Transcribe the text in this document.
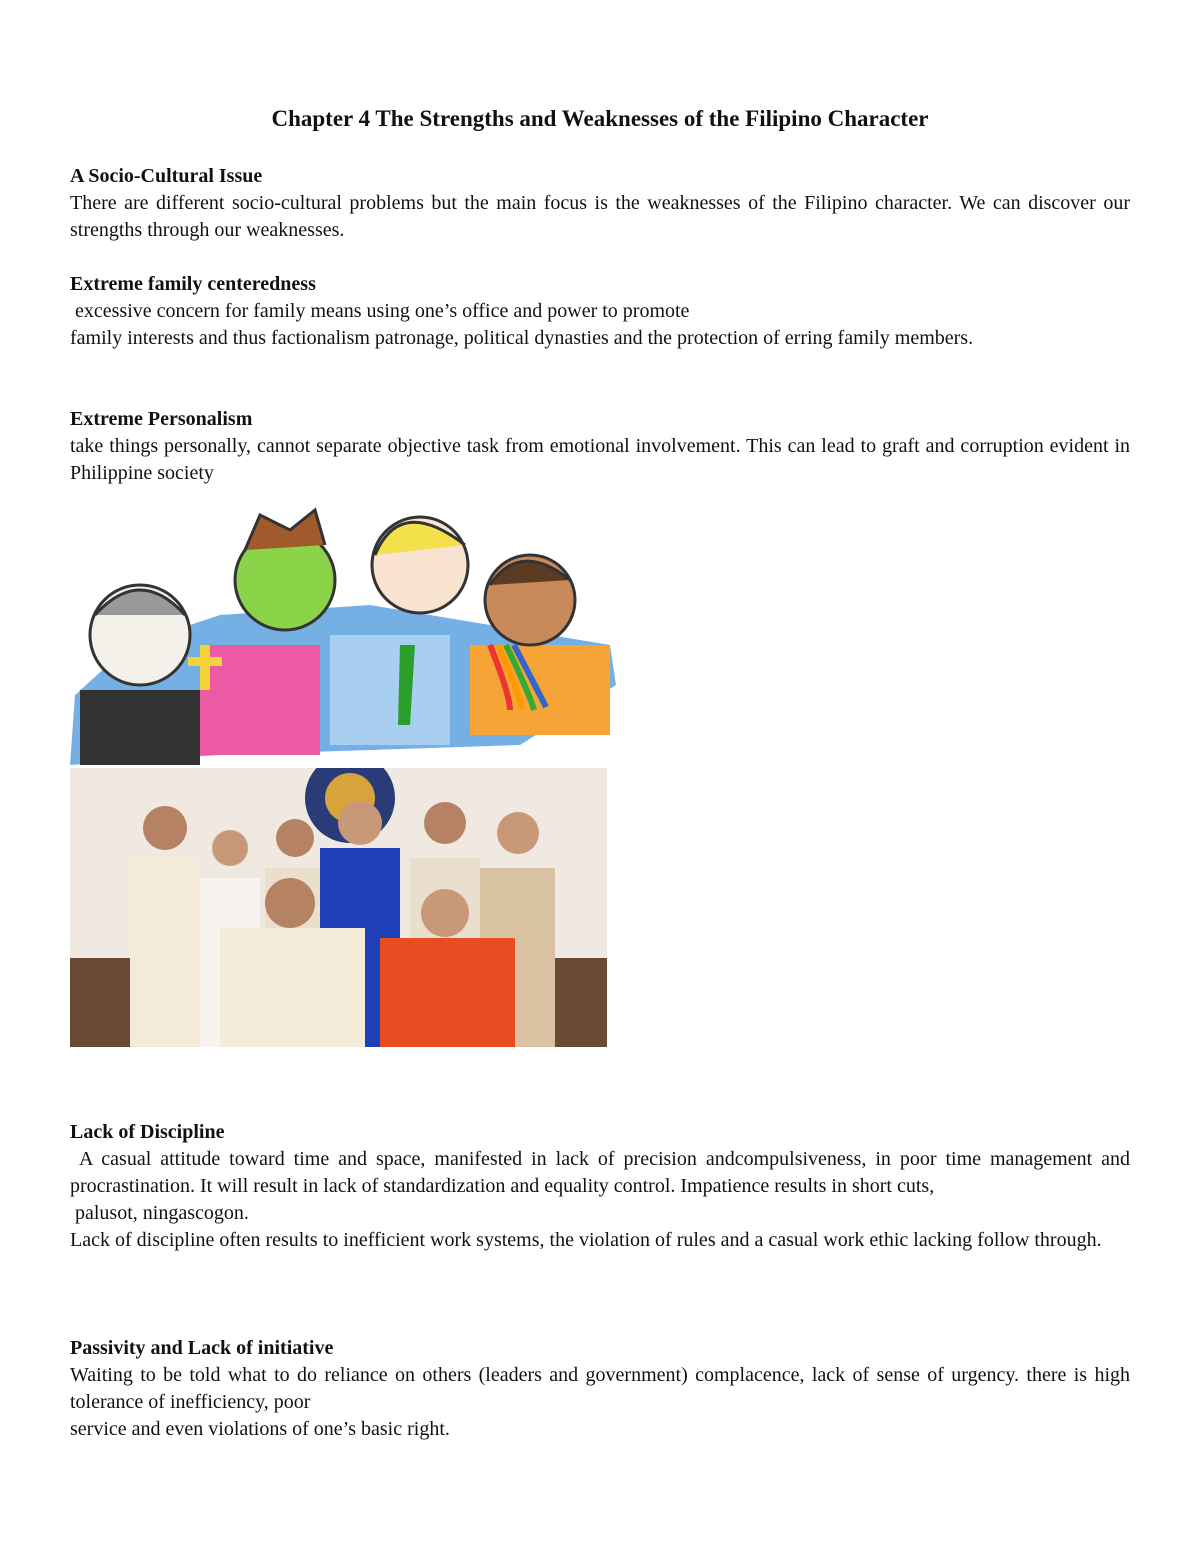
Chapter 4 The Strengths and Weaknesses of the Filipino Character
A Socio-Cultural Issue

There are different socio-cultural problems but the main focus is the weaknesses of the Filipino character. We can discover our strengths through our weaknesses.

Extreme family centeredness

excessive concern for family means using one’s office and power to promote

family interests and thus factionalism patronage, political dynasties and the protection of erring family members.

Extreme Personalism

take things personally, cannot separate objective task from emotional involvement. This can lead to graft and corruption evident in Philippine society

Lack of Discipline

A casual attitude toward time and space, manifested in lack of precision andcompulsiveness, in poor time management and procrastination. It will result in lack of standardization and equality control. Impatience results in short cuts,

palusot, ningascogon.

Lack of discipline often results to inefficient work systems, the violation of rules and a casual work ethic lacking follow through.

Passivity and Lack of initiative

Waiting to be told what to do reliance on others (leaders and government) complacence, lack of sense of urgency. there is high tolerance of inefficiency, poor

service and even violations of one’s basic right.
